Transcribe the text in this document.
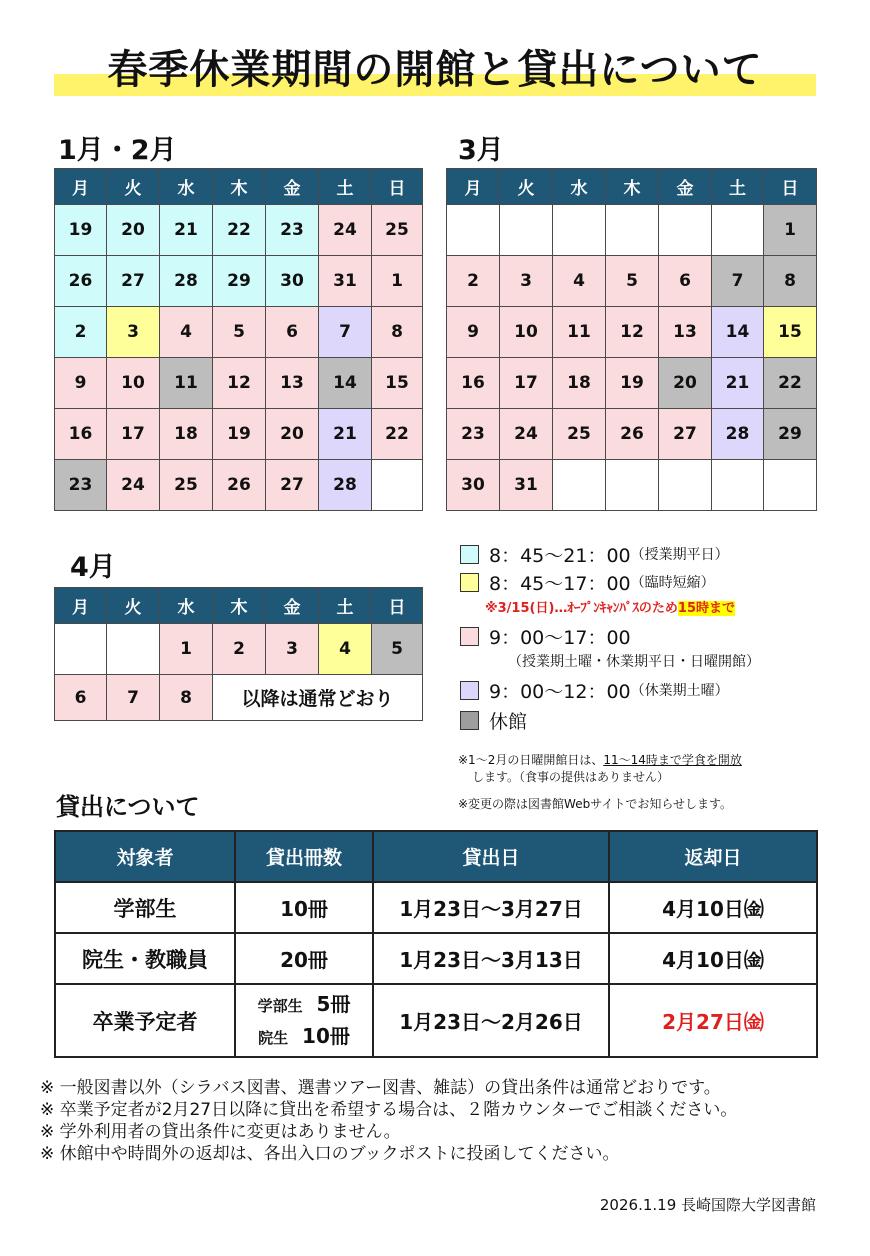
春季休業期間の開館と貸出について
1月・2月
月	火	水	木	金	土	日
19	20	21	22	23	24	25
26	27	28	29	30	31	1
2	3	4	5	6	7	8
9	10	11	12	13	14	15
16	17	18	19	20	21	22
23	24	25	26	27	28	
3月
月	火	水	木	金	土	日
						1
2	3	4	5	6	7	8
9	10	11	12	13	14	15
16	17	18	19	20	21	22
23	24	25	26	27	28	29
30	31					
4月
月	火	水	木	金	土	日
		1	2	3	4	5
6	7	8	以降は通常どおり			
8：45〜21：00 （授業期平日）
8：45〜17：00 （臨時短縮）
※3/15(日)…ｵｰﾌﾟﾝｷｬﾝﾊﾟｽのため15時まで
9：00〜17：00
（授業期土曜・休業期平日・日曜開館）
9：00〜12：00 （休業期土曜）
休館
※1〜2月の日曜開館日は、11〜14時まで学食を開放
します。（食事の提供はありません）
※変更の際は図書館Webサイトでお知らせします。
貸出について
対象者	貸出冊数	貸出日	返却日
学部生	10冊	1月23日〜3月27日	4月10日㈮
院生・教職員	20冊	1月23日〜3月13日	4月10日㈮
卒業予定者	学部生 5冊
院生 10冊	1月23日〜2月26日	2月27日㈮
※ 一般図書以外（シラバス図書、選書ツアー図書、雑誌）の貸出条件は通常どおりです。
※ 卒業予定者が2月27日以降に貸出を希望する場合は、２階カウンターでご相談ください。
※ 学外利用者の貸出条件に変更はありません。
※ 休館中や時間外の返却は、各出入口のブックポストに投函してください。
2026.1.19 長崎国際大学図書館
